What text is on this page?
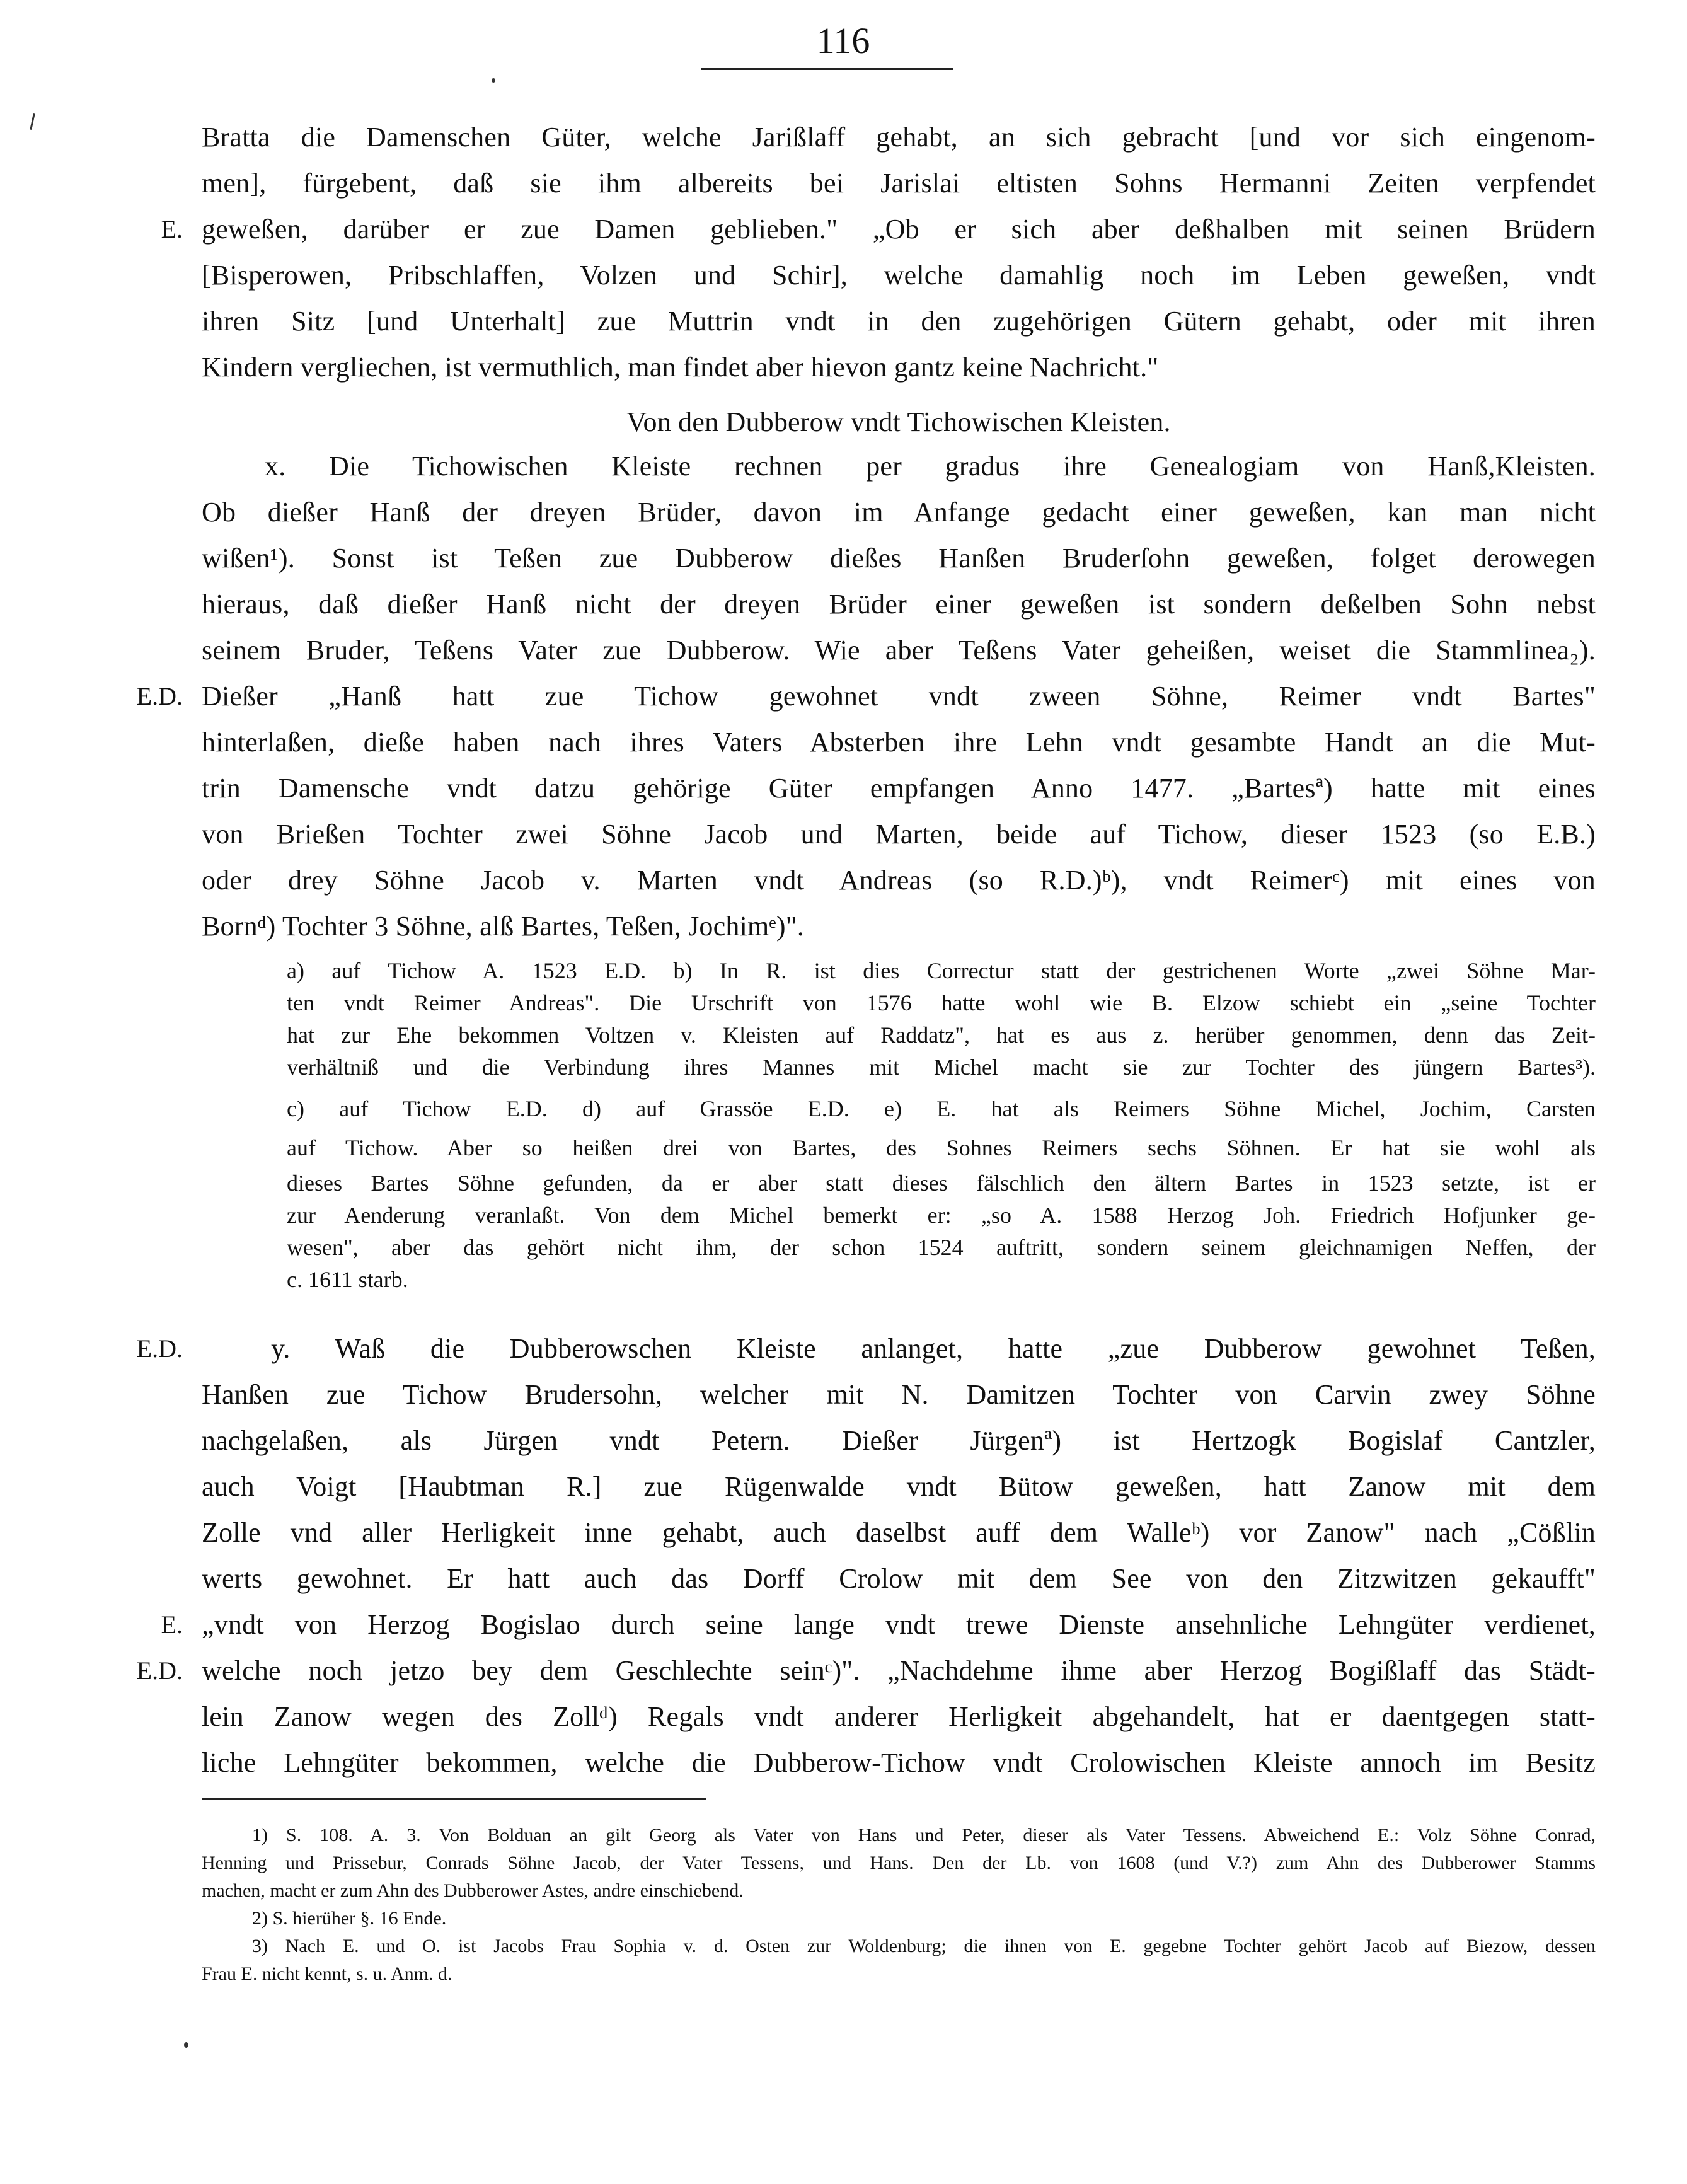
116
Bratta die Damenschen Güter, welche Jarißlaff gehabt, an sich gebracht [und vor sich eingenom-
men], fürgebent, daß sie ihm albereits bei Jarislai eltisten Sohns Hermanni Zeiten verpfendet
E. geweßen, darüber er zue Damen geblieben." „Ob er sich aber deßhalben mit seinen Brüdern
[Bisperowen, Pribschlaffen, Volzen und Schir], welche damahlig noch im Leben geweßen, vndt
ihren Sitz [und Unterhalt] zue Muttrin vndt in den zugehörigen Gütern gehabt, oder mit ihren
Kindern vergliechen, ist vermuthlich, man findet aber hievon gantz keine Nachricht."
Von den Dubberow vndt Tichowischen Kleisten.
x. Die Tichowischen Kleiste rechnen per gradus ihre Genealogiam von Hanß,Kleisten.
Ob dießer Hanß der dreyen Brüder, davon im Anfange gedacht einer geweßen, kan man nicht
wißen¹). Sonst ist Teßen zue Dubberow dießes Hanßen Bruderſohn geweßen, folget derowegen
hieraus, daß dießer Hanß nicht der dreyen Brüder einer geweßen ist sondern deßelben Sohn nebst
seinem Bruder, Teßens Vater zue Dubberow. Wie aber Teßens Vater geheißen, weiset die Stammlinea₂).
E.D. Dießer „Hanß hatt zue Tichow gewohnet vndt zween Söhne, Reimer vndt Bartes"
hinterlaßen, dieße haben nach ihres Vaters Absterben ihre Lehn vndt gesambte Handt an die Mut-
trin Damensche vndt datzu gehörige Güter empfangen Anno 1477. „Bartesª) hatte mit eines
von Brießen Tochter zwei Söhne Jacob und Marten, beide auf Tichow, dieser 1523 (so E.B.)
oder drey Söhne Jacob v. Marten vndt Andreas (so R.D.)ᵇ), vndt Reimerᶜ) mit eines von
Bornᵈ) Tochter 3 Söhne, alß Bartes, Teßen, Jochimᵉ)".
a) auf Tichow A. 1523 E.D. b) In R. ist dies Correctur statt der gestrichenen Worte „zwei Söhne Mar-
ten vndt Reimer Andreas". Die Urschrift von 1576 hatte wohl wie B. Elzow schiebt ein „seine Tochter
hat zur Ehe bekommen Voltzen v. Kleisten auf Raddatz", hat es aus z. herüber genommen, denn das Zeit-
verhältniß und die Verbindung ihres Mannes mit Michel macht sie zur Tochter des jüngern Bartes³).
c) auf Tichow E.D. d) auf Grassöe E.D. e) E. hat als Reimers Söhne Michel, Jochim, Carsten
auf Tichow. Aber so heißen drei von Bartes, des Sohnes Reimers sechs Söhnen. Er hat sie wohl als
dieses Bartes Söhne gefunden, da er aber statt dieses fälschlich den ältern Bartes in 1523 setzte, ist er
zur Aenderung veranlaßt. Von dem Michel bemerkt er: „so A. 1588 Herzog Joh. Friedrich Hofjunker ge-
wesen", aber das gehört nicht ihm, der schon 1524 auftritt, sondern seinem gleichnamigen Neffen, der
c. 1611 starb.
E.D.	y. Waß die Dubberowschen Kleiste anlanget, hatte „zue Dubberow gewohnet Teßen,
Hanßen zue Tichow Brudersohn, welcher mit N. Damitzen Tochter von Carvin zwey Söhne
nachgelaßen, als Jürgen vndt Petern. Dießer Jürgenª) ist Hertzogk Bogislaf Cantzler,
auch Voigt [Haubtman R.] zue Rügenwalde vndt Bütow geweßen, hatt Zanow mit dem
Zolle vnd aller Herligkeit inne gehabt, auch daselbst auff dem Walleᵇ) vor Zanow" nach „Cößlin
werts gewohnet. Er hatt auch das Dorff Crolow mit dem See von den Zitzwitzen gekaufft"
E. „vndt von Herzog Bogislao durch seine lange vndt trewe Dienste ansehnliche Lehngüter verdienet,
E.D. welche noch jetzo bey dem Geschlechte seinᶜ)". „Nachdehme ihme aber Herzog Bogißlaff das Städt-
lein Zanow wegen des Zollᵈ) Regals vndt anderer Herligkeit abgehandelt, hat er daentgegen statt-
liche Lehngüter bekommen, welche die Dubberow-Tichow vndt Crolowischen Kleiste annoch im Besitz
1) S. 108. A. 3. Von Bolduan an gilt Georg als Vater von Hans und Peter, dieser als Vater Tessens. Abweichend E.: Volz Söhne Conrad,
Henning und Prissebur, Conrads Söhne Jacob, der Vater Tessens, und Hans. Den der Lb. von 1608 (und V.?) zum Ahn des Dubberower Stamms
machen, macht er zum Ahn des Dubberower Astes, andre einschiebend.
2) S. hierüher §. 16 Ende.
3) Nach E. und O. ist Jacobs Frau Sophia v. d. Osten zur Woldenburg; die ihnen von E. gegebne Tochter gehört Jacob auf Biezow, dessen
Frau E. nicht kennt, s. u. Anm. d.
